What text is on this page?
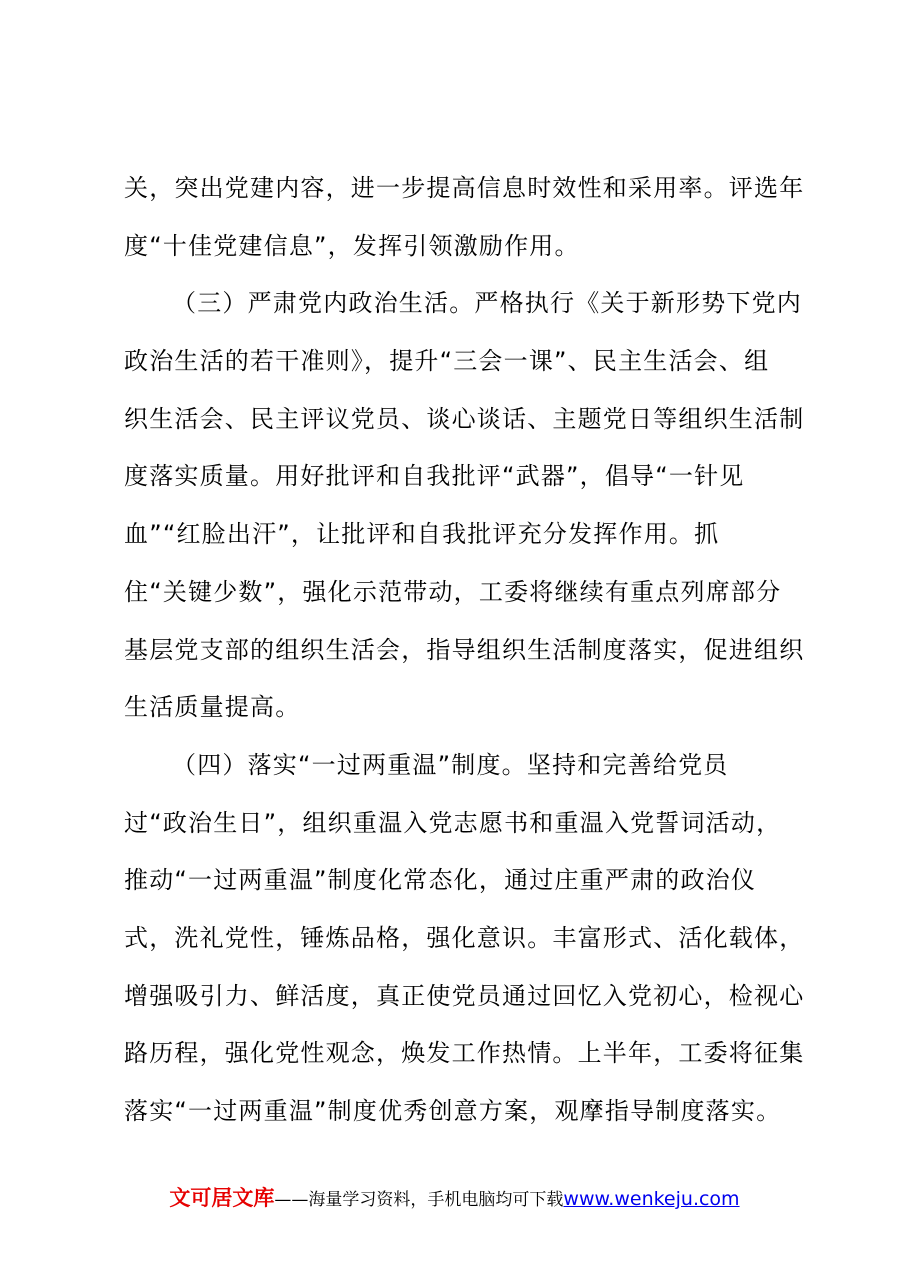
关，突出党建内容，进一步提高信息时效性和采用率。评选年
度“十佳党建信息”，发挥引领激励作用。
（三）严肃党内政治生活。严格执行《关于新形势下党内
政治生活的若干准则》，提升“三会一课”、民主生活会、组
织生活会、民主评议党员、谈心谈话、主题党日等组织生活制
度落实质量。用好批评和自我批评“武器”，倡导“一针见
血”“红脸出汗”，让批评和自我批评充分发挥作用。抓
住“关键少数”，强化示范带动，工委将继续有重点列席部分
基层党支部的组织生活会，指导组织生活制度落实，促进组织
生活质量提高。
（四）落实“一过两重温”制度。坚持和完善给党员
过“政治生日”，组织重温入党志愿书和重温入党誓词活动，
推动“一过两重温”制度化常态化，通过庄重严肃的政治仪
式，洗礼党性，锤炼品格，强化意识。丰富形式、活化载体，
增强吸引力、鲜活度，真正使党员通过回忆入党初心，检视心
路历程，强化党性观念，焕发工作热情。上半年，工委将征集
落实“一过两重温”制度优秀创意方案，观摩指导制度落实。
文可居文库——海量学习资料，手机电脑均可下载www.wenkeju.com
